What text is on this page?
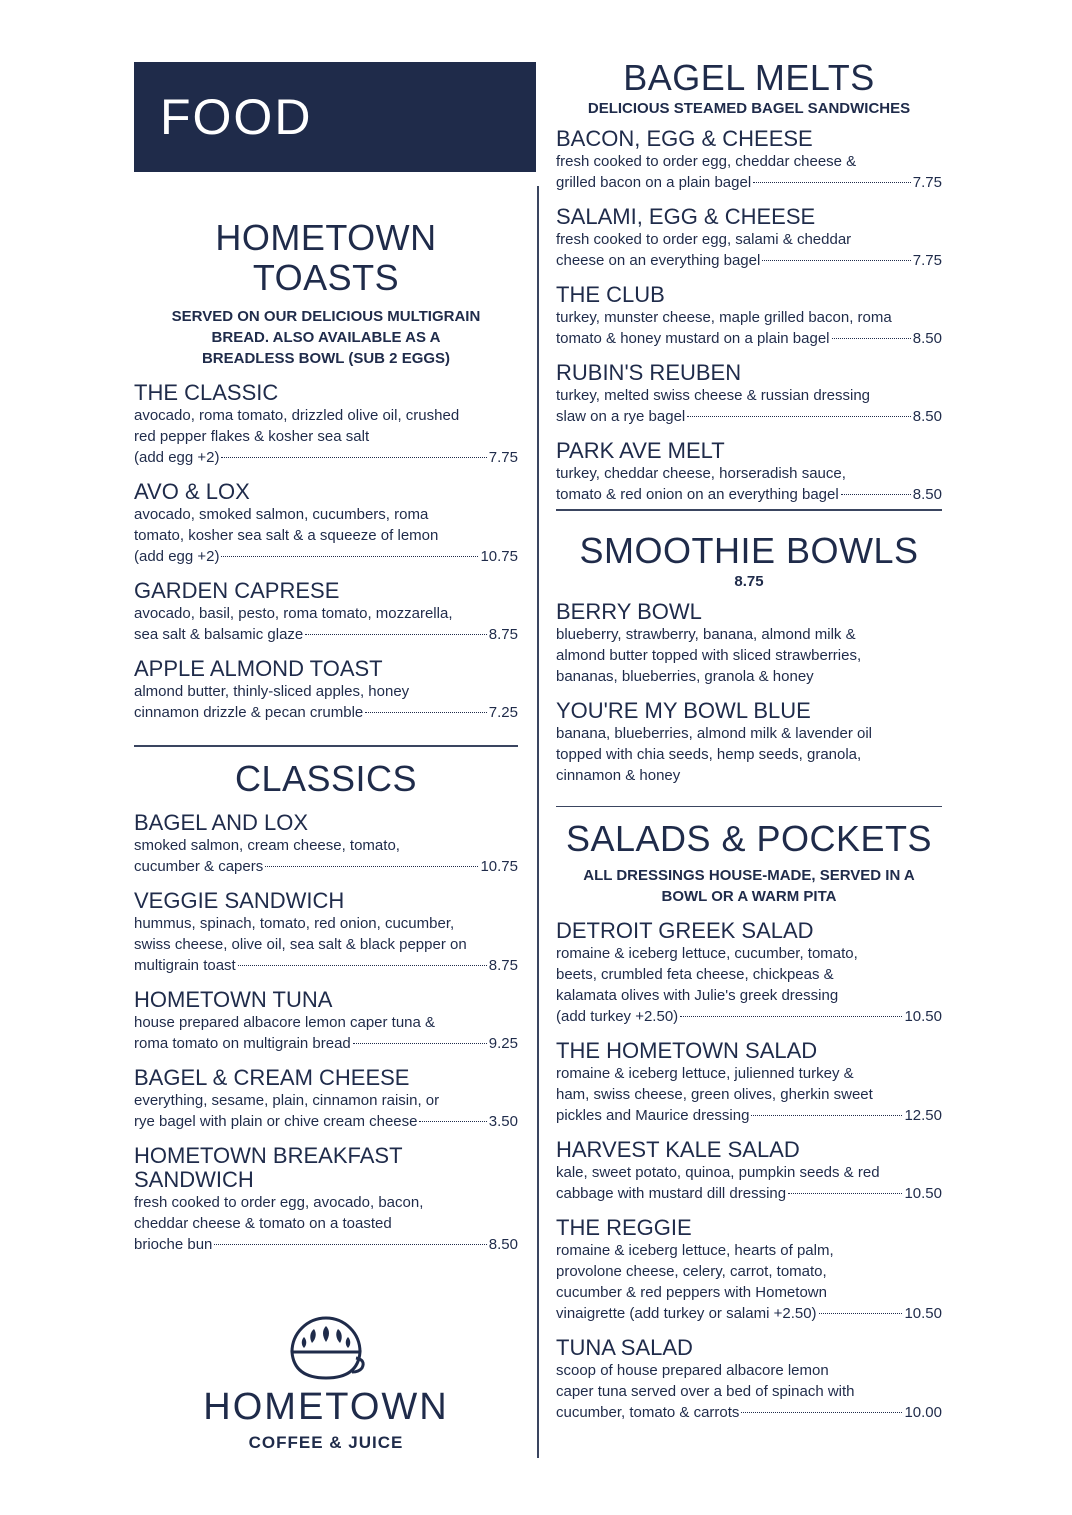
FOOD
HOMETOWN
TOASTS
SERVED ON OUR DELICIOUS MULTIGRAIN
BREAD. ALSO AVAILABLE AS A
BREADLESS BOWL (SUB 2 EGGS)
THE CLASSIC
avocado, roma tomato, drizzled olive oil, crushed
red pepper flakes & kosher sea salt
(add egg +2)	7.75
AVO & LOX
avocado, smoked salmon, cucumbers, roma
tomato, kosher sea salt & a squeeze of lemon
(add egg +2)	10.75
GARDEN CAPRESE
avocado, basil, pesto, roma tomato, mozzarella,
sea salt & balsamic glaze	8.75
APPLE ALMOND TOAST
almond butter, thinly-sliced apples, honey
cinnamon drizzle & pecan crumble	7.25
CLASSICS
BAGEL AND LOX
smoked salmon, cream cheese, tomato,
cucumber & capers	10.75
VEGGIE SANDWICH
hummus, spinach, tomato, red onion, cucumber,
swiss cheese, olive oil, sea salt & black pepper on
multigrain toast	8.75
HOMETOWN TUNA
house prepared albacore lemon caper tuna &
roma tomato on multigrain bread	9.25
BAGEL & CREAM CHEESE
everything, sesame, plain, cinnamon raisin, or
rye bagel with plain or chive cream cheese	3.50
HOMETOWN BREAKFAST SANDWICH
fresh cooked to order egg, avocado, bacon,
cheddar cheese & tomato on a toasted
brioche bun	8.50
BAGEL MELTS
DELICIOUS STEAMED BAGEL SANDWICHES
BACON, EGG & CHEESE
fresh cooked to order egg, cheddar cheese &
grilled bacon on a plain bagel	7.75
SALAMI, EGG & CHEESE
fresh cooked to order egg, salami & cheddar
cheese on an everything bagel	7.75
THE CLUB
turkey, munster cheese, maple grilled bacon, roma
tomato & honey mustard on a plain bagel	8.50
RUBIN'S REUBEN
turkey, melted swiss cheese & russian dressing
slaw on a rye bagel	8.50
PARK AVE MELT
turkey, cheddar cheese, horseradish sauce,
tomato & red onion on an everything bagel	8.50
SMOOTHIE BOWLS
8.75
BERRY BOWL
blueberry, strawberry, banana, almond milk &
almond butter topped with sliced strawberries,
bananas, blueberries, granola & honey
YOU'RE MY BOWL BLUE
banana, blueberries, almond milk & lavender oil
topped with chia seeds, hemp seeds, granola,
cinnamon & honey
SALADS & POCKETS
ALL DRESSINGS HOUSE-MADE, SERVED IN A
BOWL OR A WARM PITA
DETROIT GREEK SALAD
romaine & iceberg lettuce, cucumber, tomato,
beets, crumbled feta cheese, chickpeas &
kalamata olives with Julie's greek dressing
(add turkey +2.50)	10.50
THE HOMETOWN SALAD
romaine & iceberg lettuce, julienned turkey &
ham, swiss cheese, green olives, gherkin sweet
pickles and Maurice dressing	12.50
HARVEST KALE SALAD
kale, sweet potato, quinoa, pumpkin seeds & red
cabbage with mustard dill dressing	10.50
THE REGGIE
romaine & iceberg lettuce, hearts of palm,
provolone cheese, celery, carrot, tomato,
cucumber & red peppers with Hometown
vinaigrette (add turkey or salami +2.50)	10.50
TUNA SALAD
scoop of house prepared albacore lemon
caper tuna served over a bed of spinach with
cucumber, tomato & carrots	10.00
HOMETOWN
COFFEE & JUICE
